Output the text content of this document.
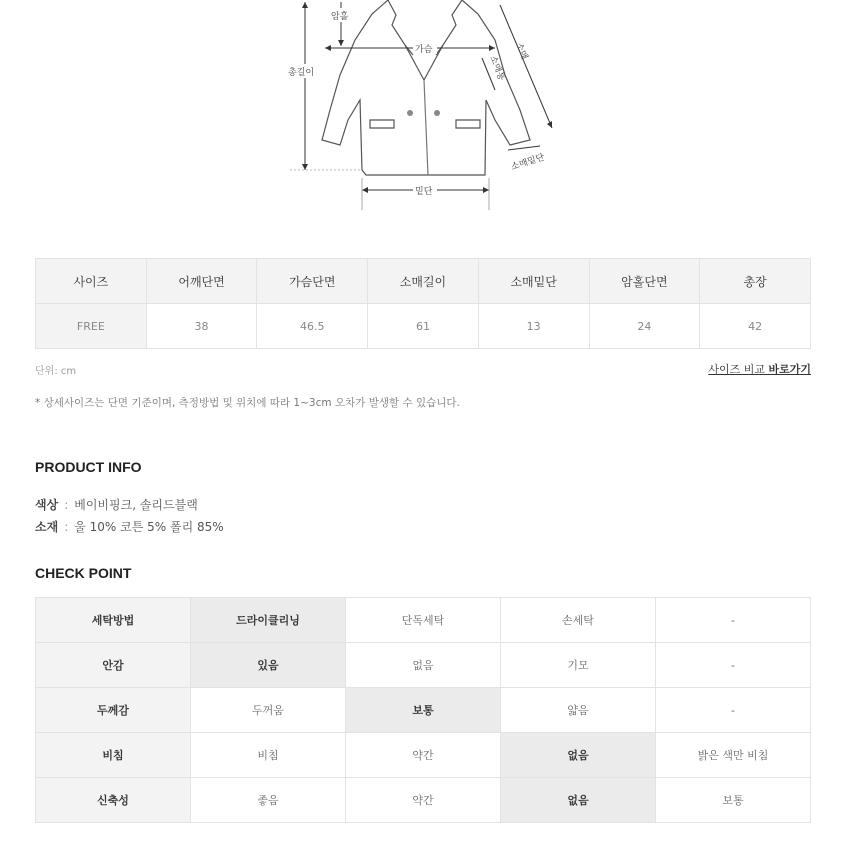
암홀
총길이
가슴	소매
소매통
소매밑단
밑단
사이즈	어깨단면	가슴단면	소매길이	소매밑단	암홀단면	총장
FREE	38	46.5	61	13	24	42
단위: cm	사이즈 비교 바로가기
* 상세사이즈는 단면 기준이며, 측정방법 및 위치에 따라 1~3cm 오차가 발생할 수 있습니다.
PRODUCT INFO
색상 : 베이비핑크, 솔리드블랙
소재 : 울 10% 코튼 5% 폴리 85%
CHECK POINT
세탁방법	드라이클리닝	단독세탁	손세탁	-
안감	있음	없음	기모	-
두께감	두꺼움	보통	얇음	-
비침	비침	약간	없음	밝은 색만 비침
신축성	좋음	약간	없음	보통
